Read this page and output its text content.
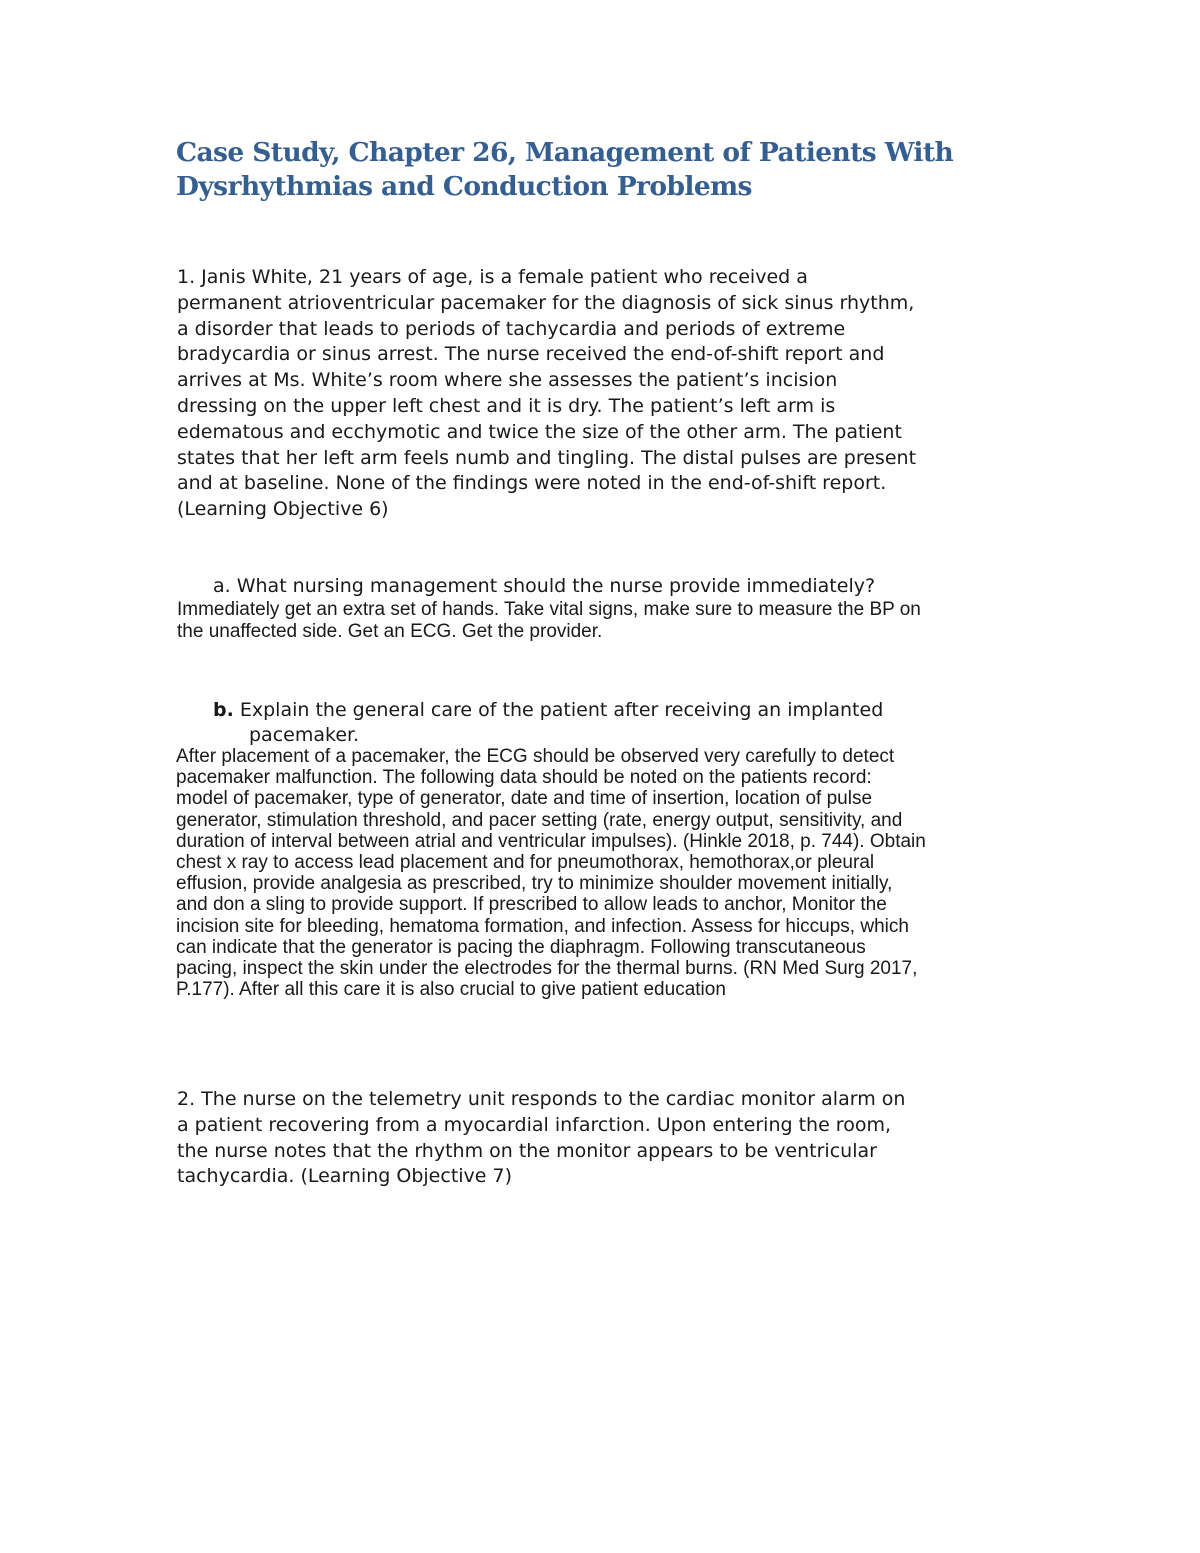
Case Study, Chapter 26, Management of Patients With
Dysrhythmias and Conduction Problems
1. Janis White, 21 years of age, is a female patient who received a
permanent atrioventricular pacemaker for the diagnosis of sick sinus rhythm,
a disorder that leads to periods of tachycardia and periods of extreme
bradycardia or sinus arrest. The nurse received the end-of-shift report and
arrives at Ms. White’s room where she assesses the patient’s incision
dressing on the upper left chest and it is dry. The patient’s left arm is
edematous and ecchymotic and twice the size of the other arm. The patient
states that her left arm feels numb and tingling. The distal pulses are present
and at baseline. None of the findings were noted in the end-of-shift report.
(Learning Objective 6)
a. What nursing management should the nurse provide immediately?
Immediately get an extra set of hands. Take vital signs, make sure to measure the BP on
the unaffected side. Get an ECG. Get the provider.
b. Explain the general care of the patient after receiving an implanted
pacemaker.
After placement of a pacemaker, the ECG should be observed very carefully to detect
pacemaker malfunction. The following data should be noted on the patients record:
model of pacemaker, type of generator, date and time of insertion, location of pulse
generator, stimulation threshold, and pacer setting (rate, energy output, sensitivity, and
duration of interval between atrial and ventricular impulses). (Hinkle 2018, p. 744). Obtain
chest x ray to access lead placement and for pneumothorax, hemothorax,or pleural
effusion, provide analgesia as prescribed, try to minimize shoulder movement initially,
and don a sling to provide support. If prescribed to allow leads to anchor, Monitor the
incision site for bleeding, hematoma formation, and infection. Assess for hiccups, which
can indicate that the generator is pacing the diaphragm. Following transcutaneous
pacing, inspect the skin under the electrodes for the thermal burns. (RN Med Surg 2017,
P.177). After all this care it is also crucial to give patient education
2. The nurse on the telemetry unit responds to the cardiac monitor alarm on
a patient recovering from a myocardial infarction. Upon entering the room,
the nurse notes that the rhythm on the monitor appears to be ventricular
tachycardia. (Learning Objective 7)
